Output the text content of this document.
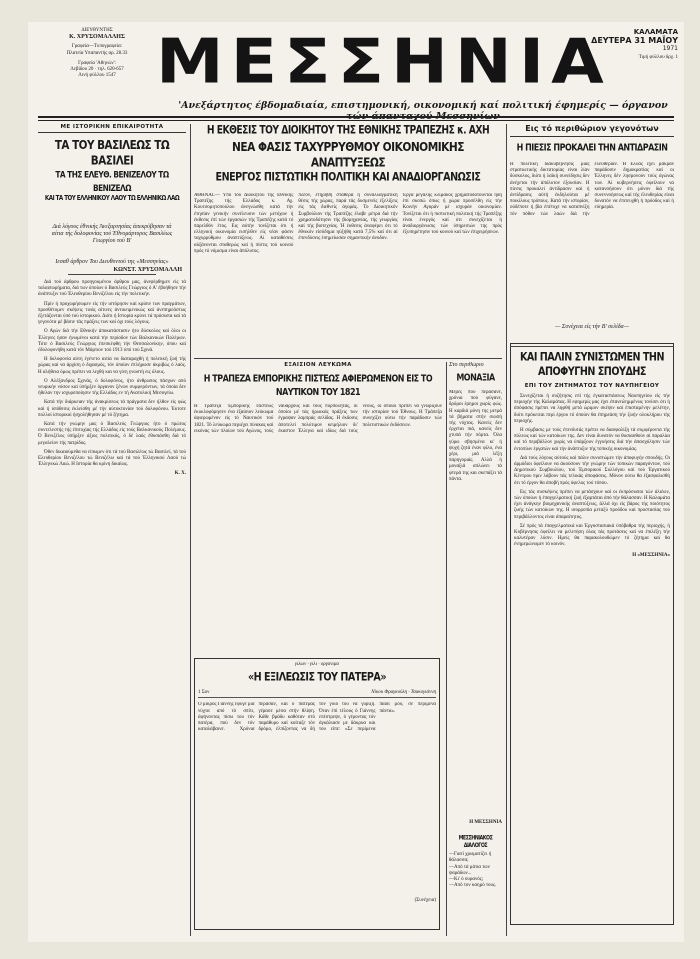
ΔΙΕΥΘΥΝΤΗΣ
Κ. ΧΡΥΣΟΜΑΛΛΗΣ
Γραφεία—Τυπογραφεία:
Πλατεία Υπαπαντής αρ. 28.33
Γραφεία 'Αθηνών':
Λεβίδου 20 · τηλ. 620-657
Λινή φύλλου 1547 ΜΕΣΣΗΝΙΑ	ΚΑΛΑΜΑΤΑ
ΔΕΥΤΕΡΑ 31 ΜΑΪΟΥ
1971
Τιμή φύλλου δρχ. 1
'Ανεξάρτητος έβδομαδιαία, επιστημονική, οικονομική καί πολιτική έφημερίς — όργανον
ΜΕ ΙΣΤΟΡΙΚΗΝ ΕΠΙΚΑΙΡΟΤΗΤΑ
ΤΑ ΤΟΥ ΒΑΣΙΛΕΩΣ ΤΩ ΒΑΣΙΛΕΙ
ΤΑ ΤΗΣ ΕΛΕΥΘ. ΒΕΝΙΖΕΛΟΥ ΤΩ ΒΕΝΙΖΕΛΩ
ΚΑΙ ΤΑ ΤΟΥ ΕΛΛΗΝΙΚΟΥ ΛΑΟΥ ΤΩ ΕΛΛΗΝΙΚΩ ΛΑΩ
Διά λόγους έθνικής Άνεξαρτησίας άπεκρύβησαν τά αίτια τής δολοφονίας τού Έθνομάρτυρος Βασιλέως Γεωργίου τού Β'
Ιεσαθ άρθρον Του Διευθυντού της «Μεσσηνίας»
ΚΩΝΣΤ. ΧΡΥΣΟΜΑΛΛΗ

Διά τού άρθρου προηγουμένου άρθρου μας, άνεφέρθημεν είς τά ταλαιπωρήματα, διά των όποίων ό Βασιλεύς Γεώργιος ό Α' έβοήθησε τήν άνάπτυξιν τού Έλευθερίου Βενιζέλου είς τήν πολιτικήν.

Πρίν ή προχωρήσωμεν είς τήν ιστόρησιν καί κρίσιν των πραγμάτων, προσθέτομεν σκέψεις τινάς αίτινες άντικειμενικώς καί άνεπηρεάστως έξετάζονται ύπό τού ίστορικού. Διότι ή Ιστορία κρίνει τά πρόσωπα καί τά γεγονότα μέ βάσιν τάς πράξεις των καί όχι τούς λόγους.

Ο Αγών διά τήν Εθνικήν άποκατάστασιν ήτο δύσκολος καί όλοι οι Έλληνες ήσαν ήνωμένοι κατά τήν περίοδον τών Βαλκανικών Πολέμων. Τότε ό Βασιλεύς Γεώργιος έπεσκέφθη τήν Θεσσαλονίκην, όπου καί έδολοφονήθη κατά τόν Μάρτιον τού 1913 ύπό τού Σχινά.

Η δολοφονία αύτη έγένετο αιτία να διαταραχθή ή πολιτική ζωή τής χώρας καί να άρχίση ό διχασμός, τόν όποίον έπλήρωσε άκριβώς ό λαός. Η αλήθεια όμως πρέπει να λεχθή και να γίνη γνωστή εις όλους.

Ο Αλέξανδρος Σχινάς, ό δολοφόνος, ήτο άνθρωπος πάσχων από νευρικήν νόσον καί ύπήρξεν όργανον ξένων συμφερόντων, τά όποία δεν ήθελαν την ισχυροποίησιν τής Ελλάδος εν τή Ανατολική Μεσογείω.

Κατά τήν διάρκειαν τής άνακρίσεως τά πράγματα δεν ήλθον είς φώς καί ή ύπόθεσις έκλείσθη μέ τήν αύτοκτονίαν τού δολοφόνου. Έκτοτε πολλοί ίστορικοί ήσχολήθησαν μέ τό ζήτημα.

Κατά τήν γνώμην μας ό Βασιλεύς Γεώργιος ήτο ό πρώτος συντελεστής τής έπιτυχίας τής Ελλάδος είς τούς Βαλκανικούς Πολέμους. Ό Βενιζέλος ύπήρξεν άξιος πολιτικός, ό δέ λαός έθυσιάσθη διά τό μεγαλείον τής πατρίδος.

Όθεν δικαιούμεθα να είπωμεν ότι τά τού Βασιλέως τώ Βασιλεί, τά τού Ελευθερίου Βενιζέλου τώ Βενιζέλω καί τά τού Έλληνικού Λαού τώ Έλληνικώ Λαώ. Η Ιστορία θα κρίνη δικαίως.

Κ. Χ.
Η ΕΚΘΕΣΙΣ ΤΟΥ ΔΙΟΙΚΗΤΟΥ ΤΗΣ ΕΘΝΙΚΗΣ ΤΡΑΠΕΖΗΣ κ. ΑΧΗ
ΝΕΑ ΦΑΣΙΣ ΤΑΧΥΡΡΥΘΜΟΥ ΟΙΚΟΝΟΜΙΚΗΣ ΑΝΑΠΤΥΞΕΩΣ
ΕΝΕΡΓΟΣ ΠΙΣΤΩΤΙΚΗ ΠΟΛΙΤΙΚΗ ΚΑΙ ΑΝΑΔΙΟΡΓΑΝΩΣΙΣ
ΑΘΗΝΑΙ.— Υπό τού Διοικητού τής Εθνικής Τραπέζης τής Ελλάδος κ. Αχ. Κουτσομητοπούλου άνεγνώσθη κατά τήν έτησίαν γενικήν συνέλευσιν τών μετόχων ή έκθεσις έπί τών έργασιών τής Τραπέζης κατά τό παρελθόν έτος. Εις αύτήν τονίζεται ότι ή ελληνική οικονομία εισήλθεν είς νέαν φάσιν ταχυρρύθμου άναπτύξεως. Αί καταθέσεις αύξάνονται σταθερώς καί ή πίστις τού κοινού πρός τό νόμισμα είναι άπόλυτος.
πλέον, έτηρήθη σταθερά ή συναλλαγματική θέσις τής χώρας, παρά τάς δυσμενείς έξελίξεις είς τάς διεθνείς άγοράς. Το Διοικητικόν Συμβούλιον τής Τραπέζης έλαβε μέτρα διά τήν χρηματοδότησιν τής βιομηχανίας, τής γεωργίας καί τής βιοτεχνίας. Ή έκθεσις άναφέρει ότι τό έθνικόν είσόδημα ηύξήθη κατά 7,5% καί ότι αί έπενδύσεις έσημείωσαν σημαντικήν άνοδον.
Έργα μεγάλης κλίμακος χρηματοδοτούνται ήδη έπί σκοπώ όπως ή χώρα προσέλθη είς τήν Κοινήν Αγοράν μέ ισχυράν οικονομίαν. Τονίζεται ότι ή πιστωτική πολιτική τής Τραπέζης είναι ένεργός καί ότι συνεχίζεται ή άναδιοργάνωσις τών ύπηρεσιών της πρός έξυπηρέτησιν τού κοινού καί τών έπιχειρήσεων.
ΕΞΑΙΣΙΟΝ ΛΕΥΚΩΜΑ
Η ΤΡΑΠΕΖΑ ΕΜΠΟΡΙΚΗΣ ΠΙΣΤΕΩΣ ΑΦΙΕΡΩΜΕΝΟΝ ΕΙΣ ΤΟ ΝΑΥΤΙΚΟΝ ΤΟΥ 1821
Η Τράπεζα Έμπορικής Πίστεως έκυκλοφόρησεν ένα έξαίσιον λεύκωμα άφιερωμένον είς τό Ναυτικόν τού 1821. Τό λεύκωμα περιέχει πίνακας καί εικόνας τών πλοίων τού Αγώνος, τούς ναυάρχους καί τούς πυρπολητάς, οι όποίοι μέ τάς ήρωικάς πράξεις των έγραψαν λαμπράς σελίδας. Η έκδοσις άποτελεί πολύτιμον κειμήλιον δι' έκαστον Έλληνα καί ιδίως διά τούς νέους, οι όποίοι πρέπει να γνωρίζουν τήν ιστορίαν τού Έθνους. Η Τράπεζα συνεχίζει ούτω τήν παράδοσιν τών πολιτιστικών έκδόσεων.
Στο περιθώριο
ΜΟΝΑΞΙΑ
Μέρες πού περάσανε, χρόνια πού φύγανε, δρόμοι έρημοι χωρίς φώς. Η καρδιά μόνη της μετρά τά βήματα στήν σιωπή τής νύχτας. Κανείς δεν έρχεται πιά, κανείς δεν χτυπά τήν πόρτα. Όλα γύρω σβησμένα κι' ή ψυχή ζητά έναν φίλο, ένα χέρι, μιά λέξη παρηγοριάς. Αλλά ή μοναξιά απλώνει τά φτερά της και σκεπάζει τά πάντα.
Η ΜΕΣΣΗΝΙΑ
ΜΕΣΣΗΝΙΑΚΟΣ ΔΙΑΛΟΓΟΣ
—Γιατί χρωματίζει ή θάλασσα;
—Από τά μάτια των ψαράδων...
—Κι' ό ουρανός;
—Από τον καημό τους.
γιλων · γιλι · οργανιμα
«Η ΕΞΙΛΕΩΣΙΣ ΤΟΥ ΠΑΤΕΡΑ»
1 Σον	Νίκου Φραγκούλη · Τσακογιάννη
Ο μικρός Γιάννης έφυγε μιά νύχτα από τό σπίτι, άφήνοντας πίσω του τόν πατέρα, πού δεν τόν καταλάβαινε. Χρόνια πέρασαν, καί ό πατέρας γέρασε μέσα στήν θλίψη. Κάθε βράδυ καθόταν στό παράθυρο καί κοίταζε τόν δρόμο, έλπίζοντας να δή τόν γυιό του να γυρίζη. Όταν έπί τέλους ό Γιάννης επέστρεψε, ό γέροντας τόν άγκάλιασε με δάκρυα και του είπε: «Σε περίμενα παιδί μου, σε περίμενα πάντα».
(Συνέχεια)
Εις τό περιθώριον γεγονότων
Η ΠΙΕΣΙΣ ΠΡΟΚΑΛΕΙ ΤΗΝ ΑΝΤΙΔΡΑΣΙΝ
Η πολιτική διακυβέρνησις μιάς στρατιωτικής δικτατορίας είναι λίαν δύσκολος, διότι ή λαϊκή συνείδησις δεν άνέχεται τήν άπόλυτον έξουσίαν. Η πίεσις προκαλεί άντίδρασιν καί ή άντίδρασις αύτή έκδηλούται μέ ποικίλους τρόπους. Κατά τήν ιστορίαν, ούδέποτε ή βία έπέτυχε να καταπνίξη τόν πόθον τών λαών διά τήν έλευθερίαν. Ή Ελλάς έχει μακράν παράδοσιν δημοκρατίας καί οι Έλληνες δέν λησμονούν τούς άγώνας των. Αί κυβερνήσεις όφείλουν να κατανοήσουν ότι μόνον διά τής συνεννοήσεως καί τής έλευθερίας είναι δυνατόν να έπιτευχθή ή πρόοδος καί ή εύημερία.
— Συνέχεια είς τήν Β' σελίδα—
ΚΑΙ ΠΑΛΙΝ ΣΥΝΙΣΤΩΜΕΝ ΤΗΝ ΑΠΟΦΥΓΗΝ ΣΠΟΥΔΗΣ
ΕΠΙ ΤΟΥ ΖΗΤΗΜΑΤΟΣ ΤΟΥ ΝΑΥΠΗΓΕΙΟΥ

Συνεχίζεται ή συζήτησις επί τής έγκαταστάσεως Ναυπηγείου είς τήν περιοχήν τής Καλαμάτας. Η εφημερίς μας έχει έπανειλημμένως τονίσει ότι ή άπόφασις πρέπει να ληφθή μετά ώριμον σκέψιν καί έπισταμένην μελέτην, διότι πρόκειται περί έργου τό όποίον θα έπηρεάση τήν ζωήν ολοκλήρου τής περιοχής.

Η σύμβασις με τούς έπενδυτάς πρέπει να διασφαλίζη τά συμφέροντα τής πόλεως καί τών κατοίκων της. Δεν είναι δυνατόν να θυσιασθούν αί παραλίαι καί τό περιβάλλον χωρίς να ύπάρξουν έγγυήσεις διά τήν άπασχόλησιν τών έντοπίων έργατών καί τήν άνάπτυξιν τής τοπικής οικονομίας.

Διά τούς λόγους αύτούς καί πάλιν συνιστώμεν τήν άποφυγήν σπουδής. Οι άρμόδιοι όφείλουν να άκούσουν τήν γνώμην τών τοπικών παραγόντων, τού Δημοτικού Συμβουλίου, τού Έμπορικού Συλλόγου καί τού Έργατικού Κέντρου πριν λάβουν τάς τελικάς άποφάσεις. Μόνον ούτω θα έξασφαλισθή ότι τό έργον θα άποβή πρός όφελος τού τόπου.

Εις τάς συσκέψεις πρέπει να μετάσχουν καί οι έκπρόσωποι τών άλιέων, τών όποίων ή έπαγγελματική ζωή έξαρτάται άπό τήν θάλασσαν. Η Καλαμάτα έχει άνάγκην βιομηχανικής άναπτύξεως, άλλά όχι είς βάρος τής ποιότητος ζωής τών κατοίκων της. Η ισορροπία μεταξύ προόδου καί προστασίας τού περιβάλλοντος είναι άπαραίτητος.

Σέ πρός τά έπαγγελματικά και Έργοστασιακά ύπόβαθρα τής περιοχής, ή Κυβέρνησις όφείλει να μελετήση όλας τάς προτάσεις καί να έπιλέξη τήν καλυτέραν λύσιν. Ημείς θα παρακολουθώμεν τό ζήτημα καί θα ένημερώνωμεν τό κοινόν.

Η «ΜΕΣΣΗΝΙΑ»
